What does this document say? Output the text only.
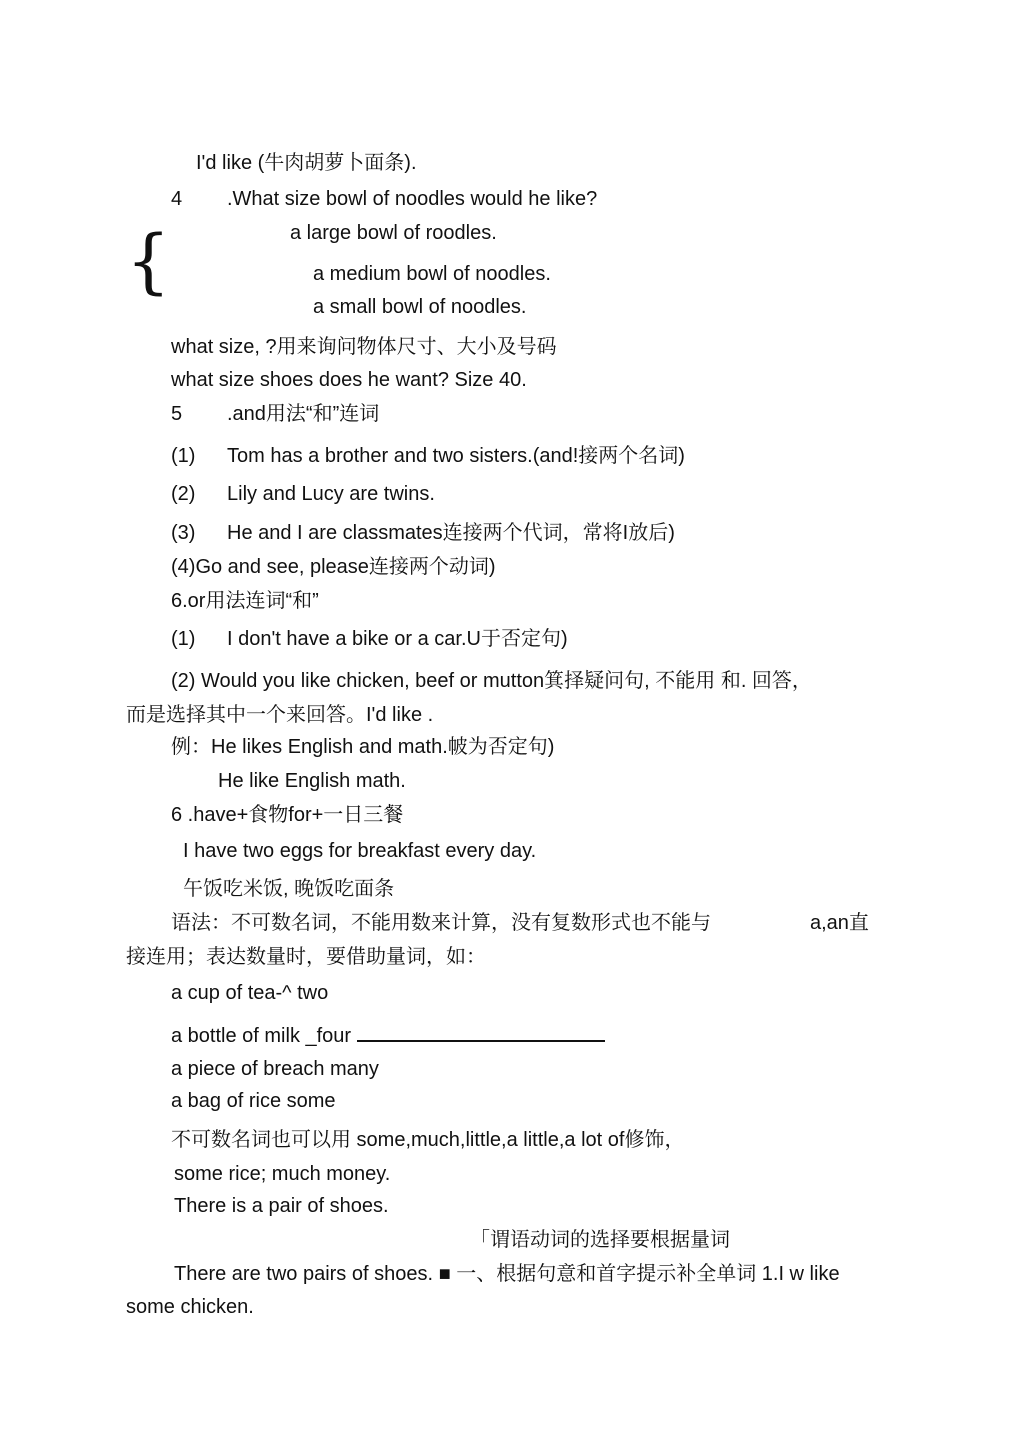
I'd like (牛肉胡萝卜面条).
4 .What size bowl of noodles would he like?
{	a large bowl of roodles.
a medium bowl of noodles.
a small bowl of noodles.
what size, ?用来询问物体尺寸、大小及号码
what size shoes does he want? Size 40.
5 .and用法“和”连词
(1) Tom has a brother and two sisters.(and!接两个名词)
(2) Lily and Lucy are twins.
(3) He and I are classmates连接两个代词，常将I放后)
(4)Go and see, please连接两个动词)
6.or用法连词“和”
(1) I don't have a bike or a car.U于否定句)
(2) Would you like chicken, beef or mutton箕择疑问句, 不能用 和. 回答，
而是选择其中一个来回答。I'd like .
例：He likes English and math.帔为否定句)
He like English math.
6 .have+食物for+一日三餐
I have two eggs for breakfast every day.
午饭吃米饭, 晚饭吃面条
语法：不可数名词，不能用数来计算，没有复数形式也不能与	a,an直
接连用；表达数量时，要借助量词，如：
a cup of tea-^ two
a bottle of milk _four
a piece of breach many
a bag of rice some
不可数名词也可以用 some,much,little,a little,a lot of修饰，
some rice; much money.
There is a pair of shoes.
「谓语动词的选择要根据量词
There are two pairs of shoes. ■ 一、根据句意和首字提示补全单词 1.I w like
some chicken.
